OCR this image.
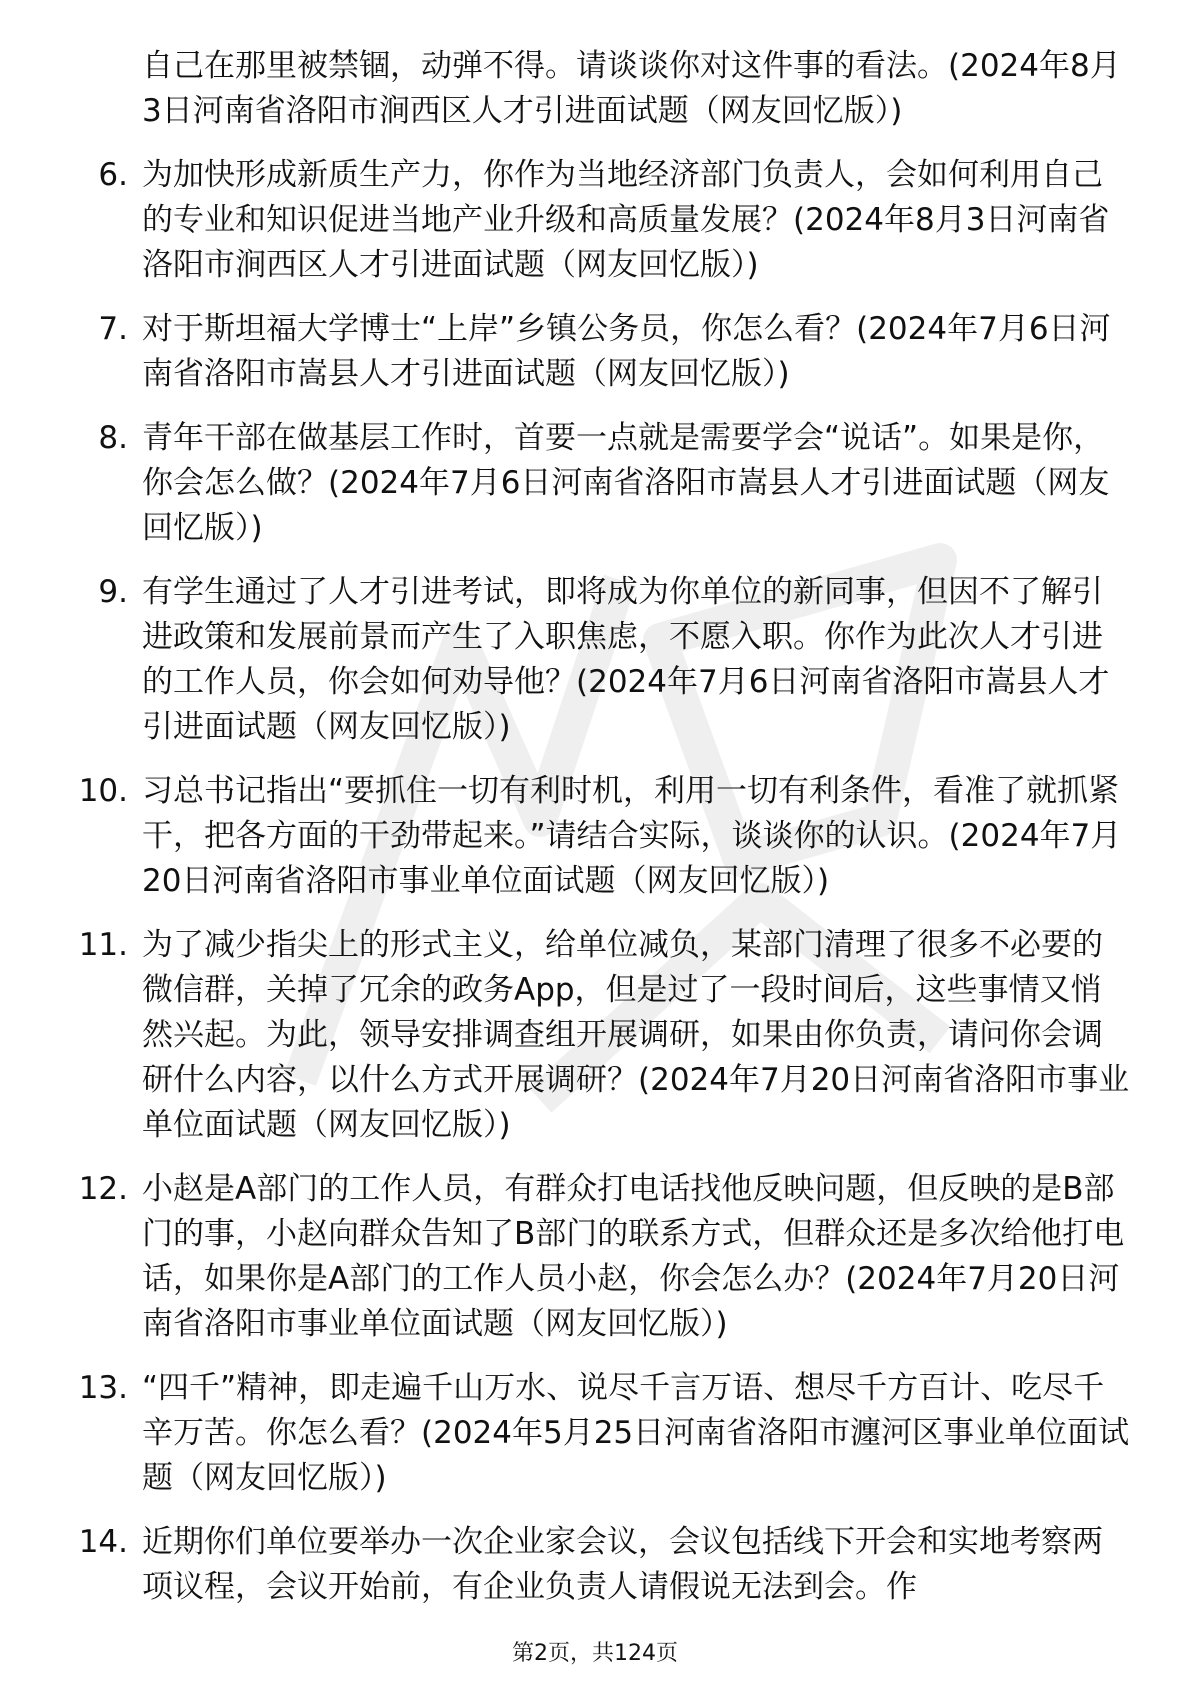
自己在那里被禁锢，动弹不得。请谈谈你对这件事的看法。(2024年8月3日河南省洛阳市涧西区人才引进面试题（网友回忆版）)
6. 为加快形成新质生产力，你作为当地经济部门负责人，会如何利用自己的专业和知识促进当地产业升级和高质量发展？(2024年8月3日河南省洛阳市涧西区人才引进面试题（网友回忆版）)
7. 对于斯坦福大学博士“上岸”乡镇公务员，你怎么看？(2024年7月6日河南省洛阳市嵩县人才引进面试题（网友回忆版）)
8. 青年干部在做基层工作时，首要一点就是需要学会“说话”。如果是你，你会怎么做？(2024年7月6日河南省洛阳市嵩县人才引进面试题（网友回忆版）)
9. 有学生通过了人才引进考试，即将成为你单位的新同事，但因不了解引进政策和发展前景而产生了入职焦虑，不愿入职。你作为此次人才引进的工作人员，你会如何劝导他？(2024年7月6日河南省洛阳市嵩县人才引进面试题（网友回忆版）)
10. 习总书记指出“要抓住一切有利时机，利用一切有利条件，看准了就抓紧干，把各方面的干劲带起来。”请结合实际，谈谈你的认识。(2024年7月20日河南省洛阳市事业单位面试题（网友回忆版）)
11. 为了减少指尖上的形式主义，给单位减负，某部门清理了很多不必要的微信群，关掉了冗余的政务App，但是过了一段时间后，这些事情又悄然兴起。为此，领导安排调查组开展调研，如果由你负责，请问你会调研什么内容，以什么方式开展调研？(2024年7月20日河南省洛阳市事业单位面试题（网友回忆版）)
12. 小赵是A部门的工作人员，有群众打电话找他反映问题，但反映的是B部门的事，小赵向群众告知了B部门的联系方式，但群众还是多次给他打电话，如果你是A部门的工作人员小赵，你会怎么办？(2024年7月20日河南省洛阳市事业单位面试题（网友回忆版）)
13. “四千”精神，即走遍千山万水、说尽千言万语、想尽千方百计、吃尽千辛万苦。你怎么看？(2024年5月25日河南省洛阳市瀍河区事业单位面试题（网友回忆版）)
14. 近期你们单位要举办一次企业家会议，会议包括线下开会和实地考察两项议程，会议开始前，有企业负责人请假说无法到会。作
第2页，共124页
